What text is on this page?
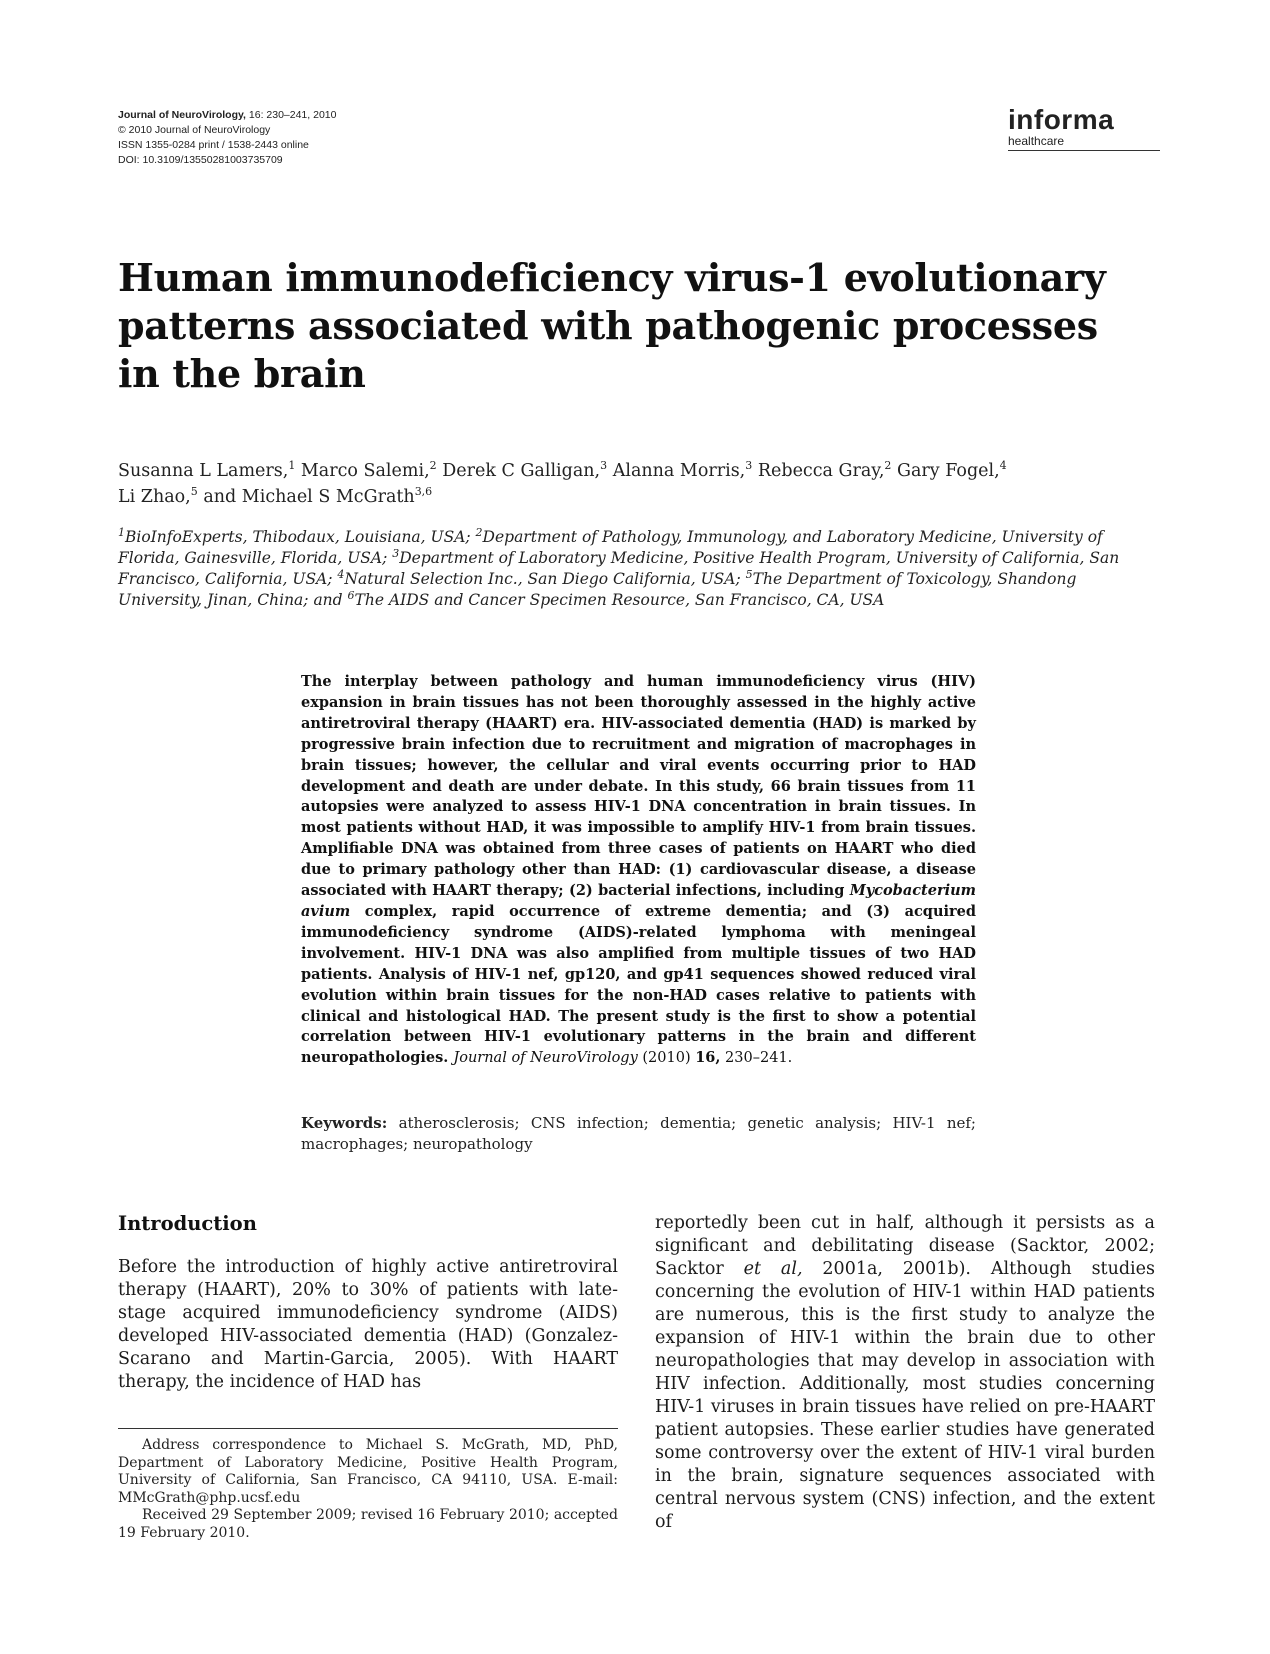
Journal of NeuroVirology, 16: 230–241, 2010
© 2010 Journal of NeuroVirology
ISSN 1355-0284 print / 1538-2443 online
DOI: 10.3109/13550281003735709
informa
healthcare
Human immunodeficiency virus-1 evolutionary patterns associated with pathogenic processes in the brain
Susanna L Lamers,$^1$ Marco Salemi,$^2$ Derek C Galligan,$^3$ Alanna Morris,$^3$ Rebecca Gray,$^2$ Gary Fogel,$^4$
Li Zhao,$^5$ and Michael S McGrath$^{3,6}$
$^1$BioInfoExperts, Thibodaux, Louisiana, USA; $^2$Department of Pathology, Immunology, and Laboratory Medicine, University of Florida, Gainesville, Florida, USA; $^3$Department of Laboratory Medicine, Positive Health Program, University of California, San Francisco, California, USA; $^4$Natural Selection Inc., San Diego California, USA; $^5$The Department of Toxicology, Shandong University, Jinan, China; and $^6$The AIDS and Cancer Specimen Resource, San Francisco, CA, USA
The interplay between pathology and human immunodeficiency virus (HIV) expansion in brain tissues has not been thoroughly assessed in the highly active antiretroviral therapy (HAART) era. HIV-associated dementia (HAD) is marked by progressive brain infection due to recruitment and migration of macrophages in brain tissues; however, the cellular and viral events occurring prior to HAD development and death are under debate. In this study, 66 brain tissues from 11 autopsies were analyzed to assess HIV-1 DNA concentration in brain tissues. In most patients without HAD, it was impossible to amplify HIV-1 from brain tissues. Amplifiable DNA was obtained from three cases of patients on HAART who died due to primary pathology other than HAD: (1) cardiovascular disease, a disease associated with HAART therapy; (2) bacterial infections, including Mycobacterium avium complex, rapid occurrence of extreme dementia; and (3) acquired immunodeficiency syndrome (AIDS)-related lymphoma with meningeal involvement. HIV-1 DNA was also amplified from multiple tissues of two HAD patients. Analysis of HIV-1 nef, gp120, and gp41 sequences showed reduced viral evolution within brain tissues for the non-HAD cases relative to patients with clinical and histological HAD. The present study is the first to show a potential correlation between HIV-1 evolutionary patterns in the brain and different neuropathologies. Journal of NeuroVirology (2010) 16, 230–241.
Keywords: atherosclerosis; CNS infection; dementia; genetic analysis; HIV-1 nef; macrophages; neuropathology
Introduction
Before the introduction of highly active antiretroviral therapy (HAART), 20% to 30% of patients with late-stage acquired immunodeficiency syndrome (AIDS) developed HIV-associated dementia (HAD) (Gonzalez-Scarano and Martin-Garcia, 2005). With HAART therapy, the incidence of HAD has
reportedly been cut in half, although it persists as a significant and debilitating disease (Sacktor, 2002; Sacktor et al, 2001a, 2001b). Although studies concerning the evolution of HIV-1 within HAD patients are numerous, this is the first study to analyze the expansion of HIV-1 within the brain due to other neuropathologies that may develop in association with HIV infection. Additionally, most studies concerning HIV-1 viruses in brain tissues have relied on pre-HAART patient autopsies. These earlier studies have generated some controversy over the extent of HIV-1 viral burden in the brain, signature sequences associated with central nervous system (CNS) infection, and the extent of

Address correspondence to Michael S. McGrath, MD, PhD, Department of Laboratory Medicine, Positive Health Program, University of California, San Francisco, CA 94110, USA. E-mail: MMcGrath@php.ucsf.edu

Received 29 September 2009; revised 16 February 2010; accepted 19 February 2010.
